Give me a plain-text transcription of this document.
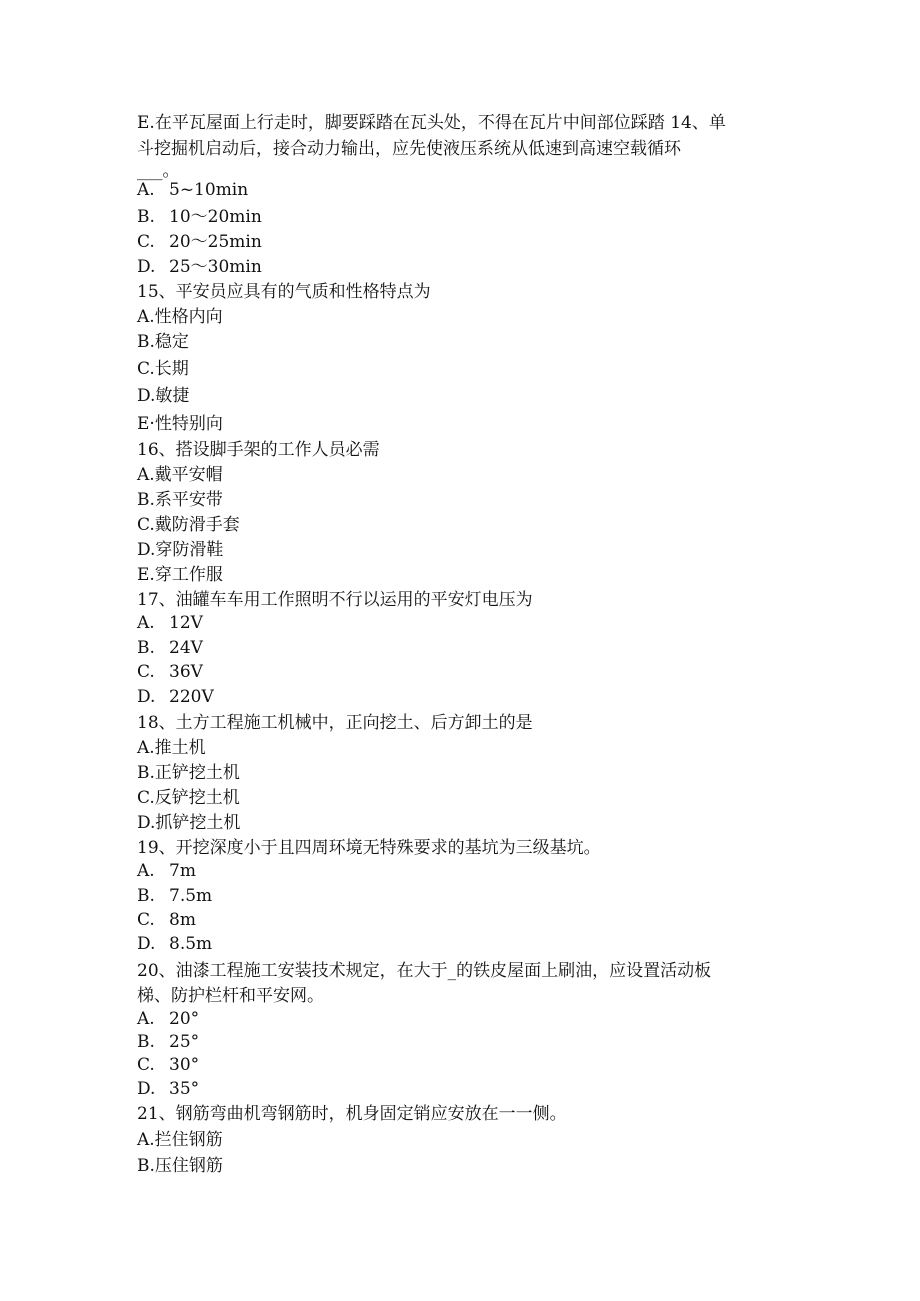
E.在平瓦屋面上行走时，脚要踩踏在瓦头处，不得在瓦片中间部位踩踏 14、单
斗挖掘机启动后，接合动力输出，应先使液压系统从低速到高速空载循环
___。
A. 5~10min
B. 10～20min
C. 20～25min
D. 25～30min
15、平安员应具有的气质和性格特点为
A.性格内向
B.稳定
C.长期
D.敏捷
E·性特别向
16、搭设脚手架的工作人员必需
A.戴平安帽
B.系平安带
C.戴防滑手套
D.穿防滑鞋
E.穿工作服
17、油罐车车用工作照明不行以运用的平安灯电压为
A. 12V
B. 24V
C. 36V
D. 220V
18、土方工程施工机械中，正向挖土、后方卸土的是
A.推土机
B.正铲挖土机
C.反铲挖土机
D.抓铲挖土机
19、开挖深度小于且四周环境无特殊要求的基坑为三级基坑。
A. 7m
B. 7.5m
C. 8m
D. 8.5m
20、油漆工程施工安装技术规定，在大于_的铁皮屋面上刷油，应设置活动板
梯、防护栏杆和平安网。
A. 20°
B. 25°
C. 30°
D. 35°
21、钢筋弯曲机弯钢筋时，机身固定销应安放在一一侧。
A.拦住钢筋
B.压住钢筋
